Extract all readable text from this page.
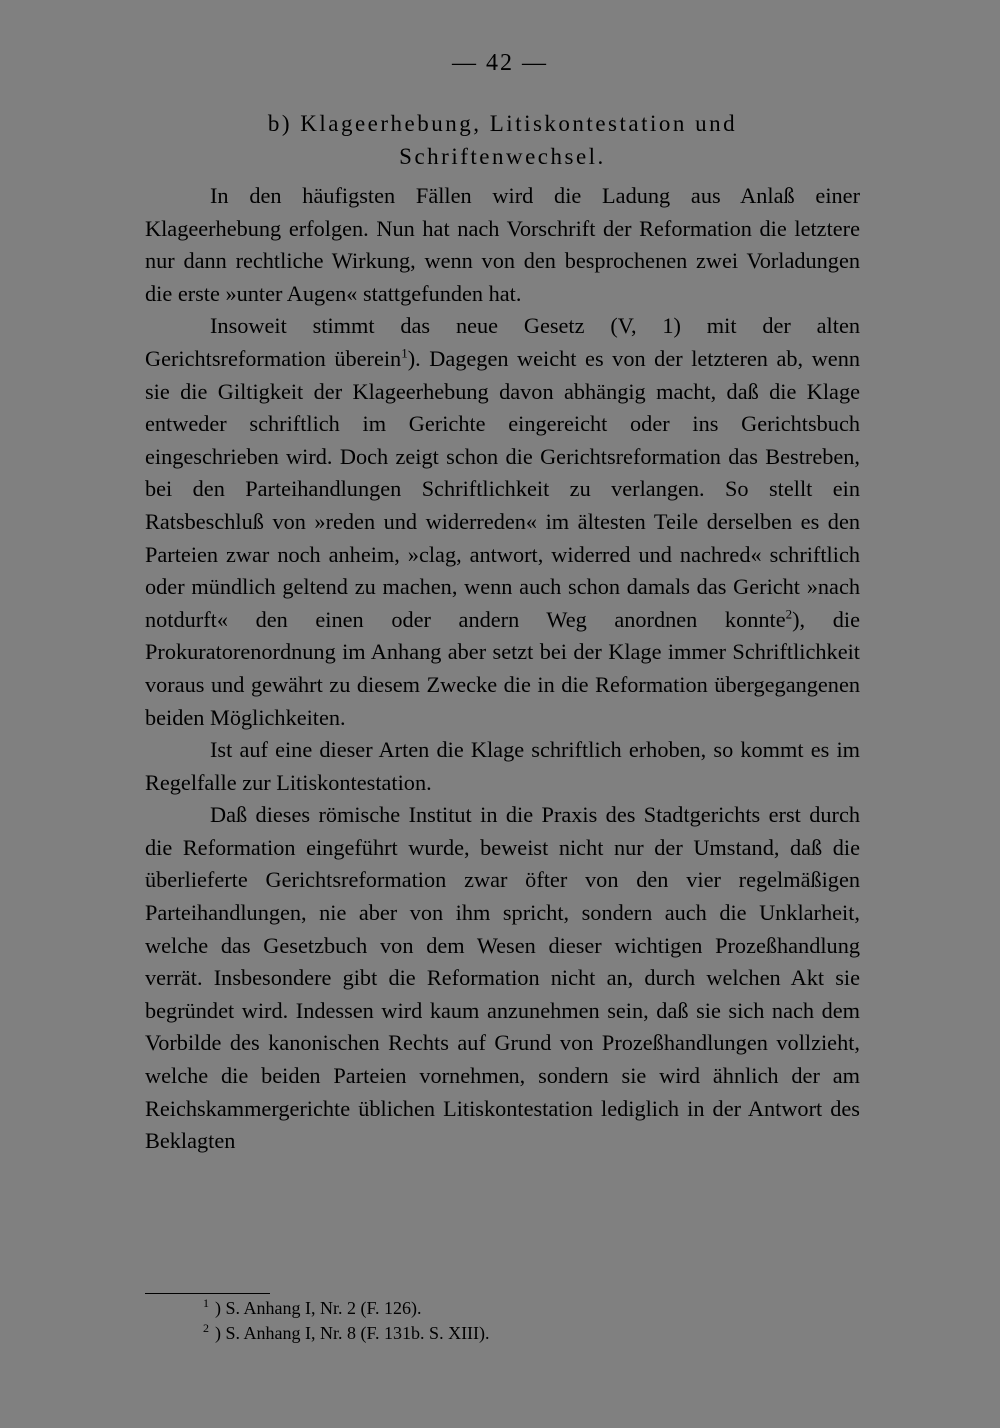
— 42 —
b) Klageerhebung, Litiskontestation und
Schriftenwechsel.

In den häufigsten Fällen wird die Ladung aus Anlaß einer Klageerhebung erfolgen. Nun hat nach Vorschrift der Reformation die letztere nur dann rechtliche Wirkung, wenn von den besprochenen zwei Vorladungen die erste »unter Augen« stattgefunden hat.

Insoweit stimmt das neue Gesetz (V, 1) mit der alten Gerichtsreformation überein$^1$). Dagegen weicht es von der letzteren ab, wenn sie die Giltigkeit der Klageerhebung davon abhängig macht, daß die Klage entweder schriftlich im Gerichte eingereicht oder ins Gerichtsbuch eingeschrieben wird. Doch zeigt schon die Gerichtsreformation das Bestreben, bei den Parteihandlungen Schriftlichkeit zu verlangen. So stellt ein Ratsbeschluß von »reden und widerreden« im ältesten Teile derselben es den Parteien zwar noch anheim, »clag, antwort, widerred und nachred« schriftlich oder mündlich geltend zu machen, wenn auch schon damals das Gericht »nach notdurft« den einen oder andern Weg anordnen konnte$^2$), die Prokuratorenordnung im Anhang aber setzt bei der Klage immer Schriftlichkeit voraus und gewährt zu diesem Zwecke die in die Reformation übergegangenen beiden Möglichkeiten.

Ist auf eine dieser Arten die Klage schriftlich erhoben, so kommt es im Regelfalle zur Litiskontestation.

Daß dieses römische Institut in die Praxis des Stadtgerichts erst durch die Reformation eingeführt wurde, beweist nicht nur der Umstand, daß die überlieferte Gerichtsreformation zwar öfter von den vier regelmäßigen Parteihandlungen, nie aber von ihm spricht, sondern auch die Unklarheit, welche das Gesetzbuch von dem Wesen dieser wichtigen Prozeßhandlung verrät. Insbesondere gibt die Reformation nicht an, durch welchen Akt sie begründet wird. Indessen wird kaum anzunehmen sein, daß sie sich nach dem Vorbilde des kanonischen Rechts auf Grund von Prozeßhandlungen vollzieht, welche die beiden Parteien vornehmen, sondern sie wird ähnlich der am Reichskammergerichte üblichen Litiskontestation lediglich in der Antwort des Beklagten

$^1$ ) S. Anhang I, Nr. 2 (F. 126).
$^2$ ) S. Anhang I, Nr. 8 (F. 131b. S. XIII).
